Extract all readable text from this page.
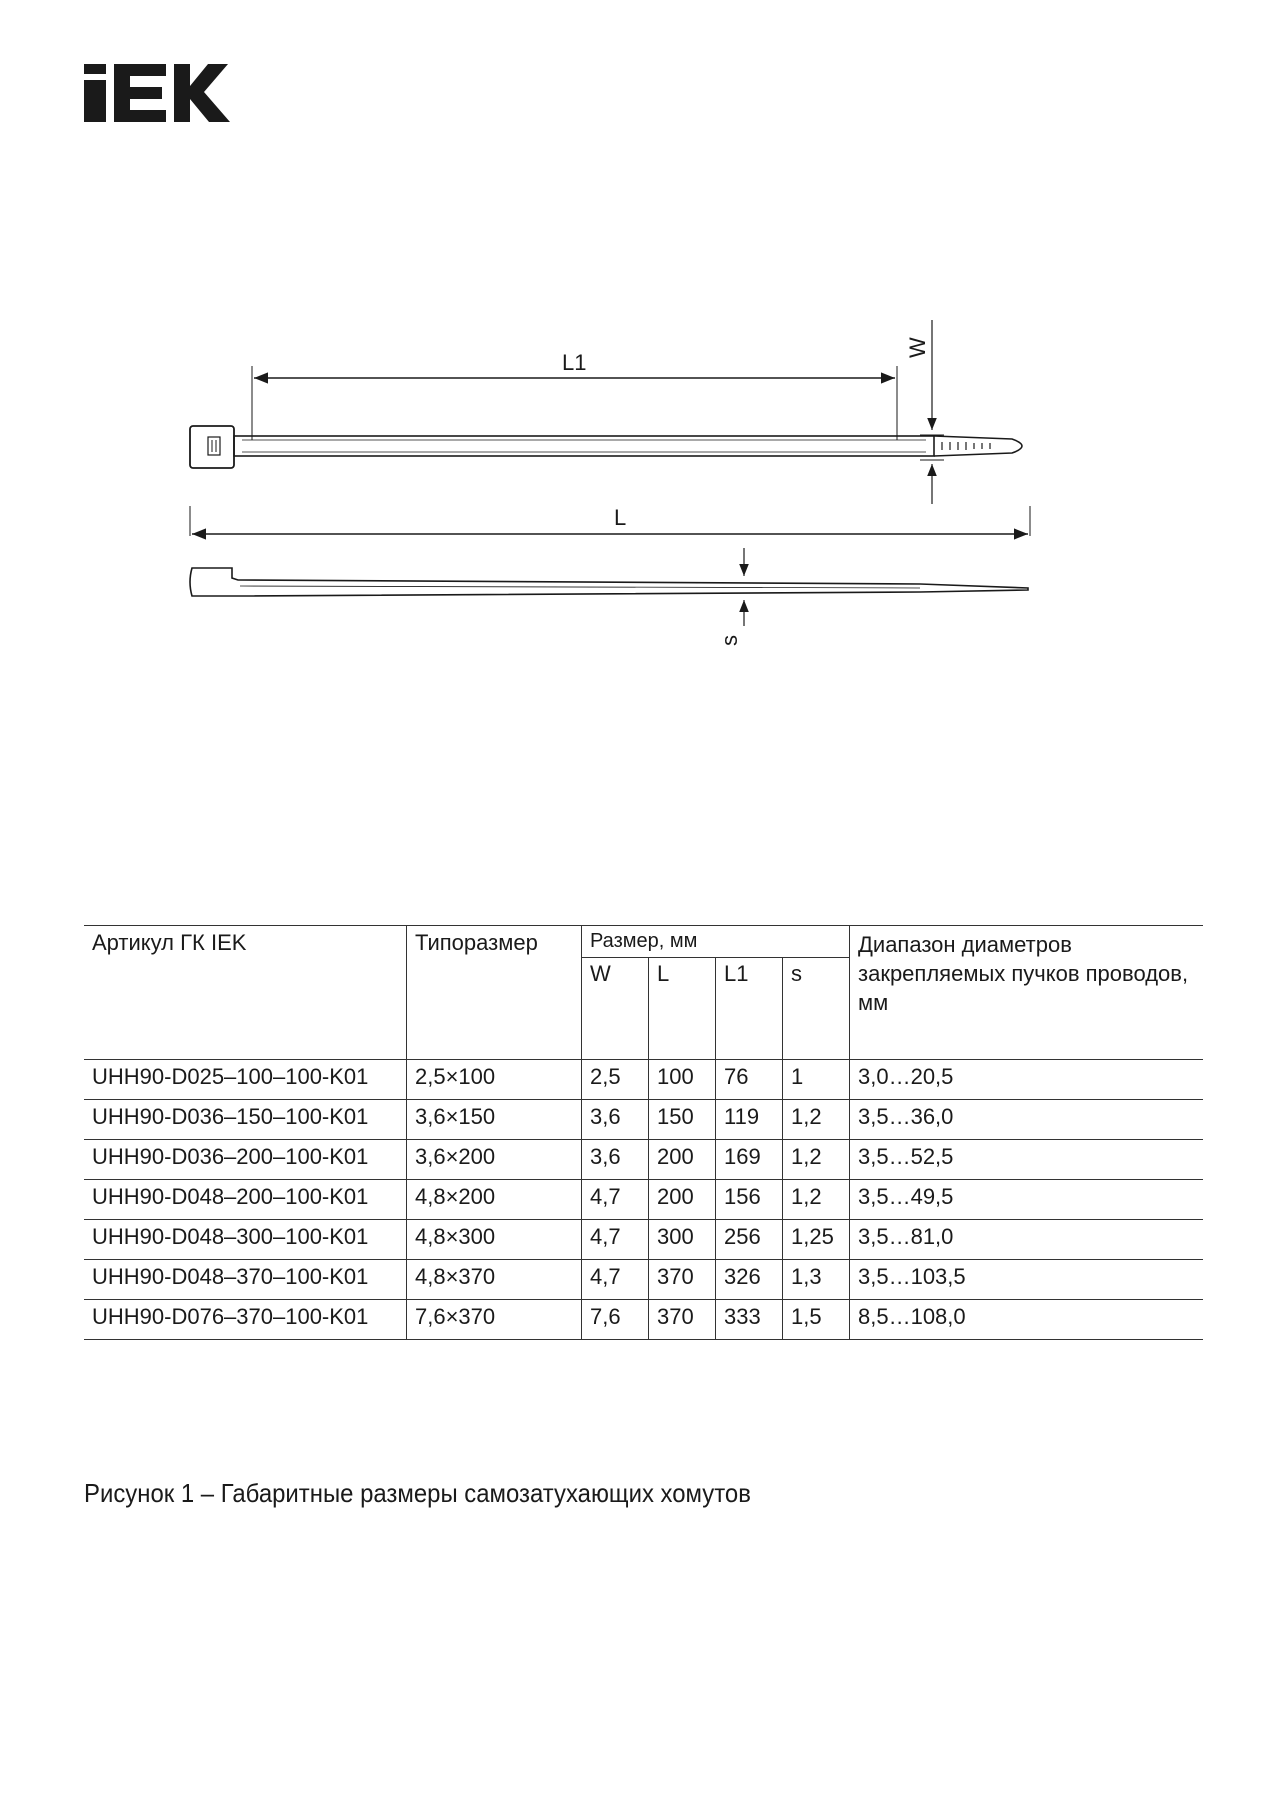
L1
W
L
s
Артикул ГК IEK	Типоразмер	Размер, мм				Диапазон диаметров закрепляемых пучков проводов, мм
		W	L	L1	s	
UHH90-D025–100–100-K01	2,5×100	2,5	100	76	1	3,0…20,5
UHH90-D036–150–100-K01	3,6×150	3,6	150	119	1,2	3,5…36,0
UHH90-D036–200–100-K01	3,6×200	3,6	200	169	1,2	3,5…52,5
UHH90-D048–200–100-K01	4,8×200	4,7	200	156	1,2	3,5…49,5
UHH90-D048–300–100-K01	4,8×300	4,7	300	256	1,25	3,5…81,0
UHH90-D048–370–100-K01	4,8×370	4,7	370	326	1,3	3,5…103,5
UHH90-D076–370–100-K01	7,6×370	7,6	370	333	1,5	8,5…108,0
Рисунок 1 – Габаритные размеры самозатухающих хомутов
